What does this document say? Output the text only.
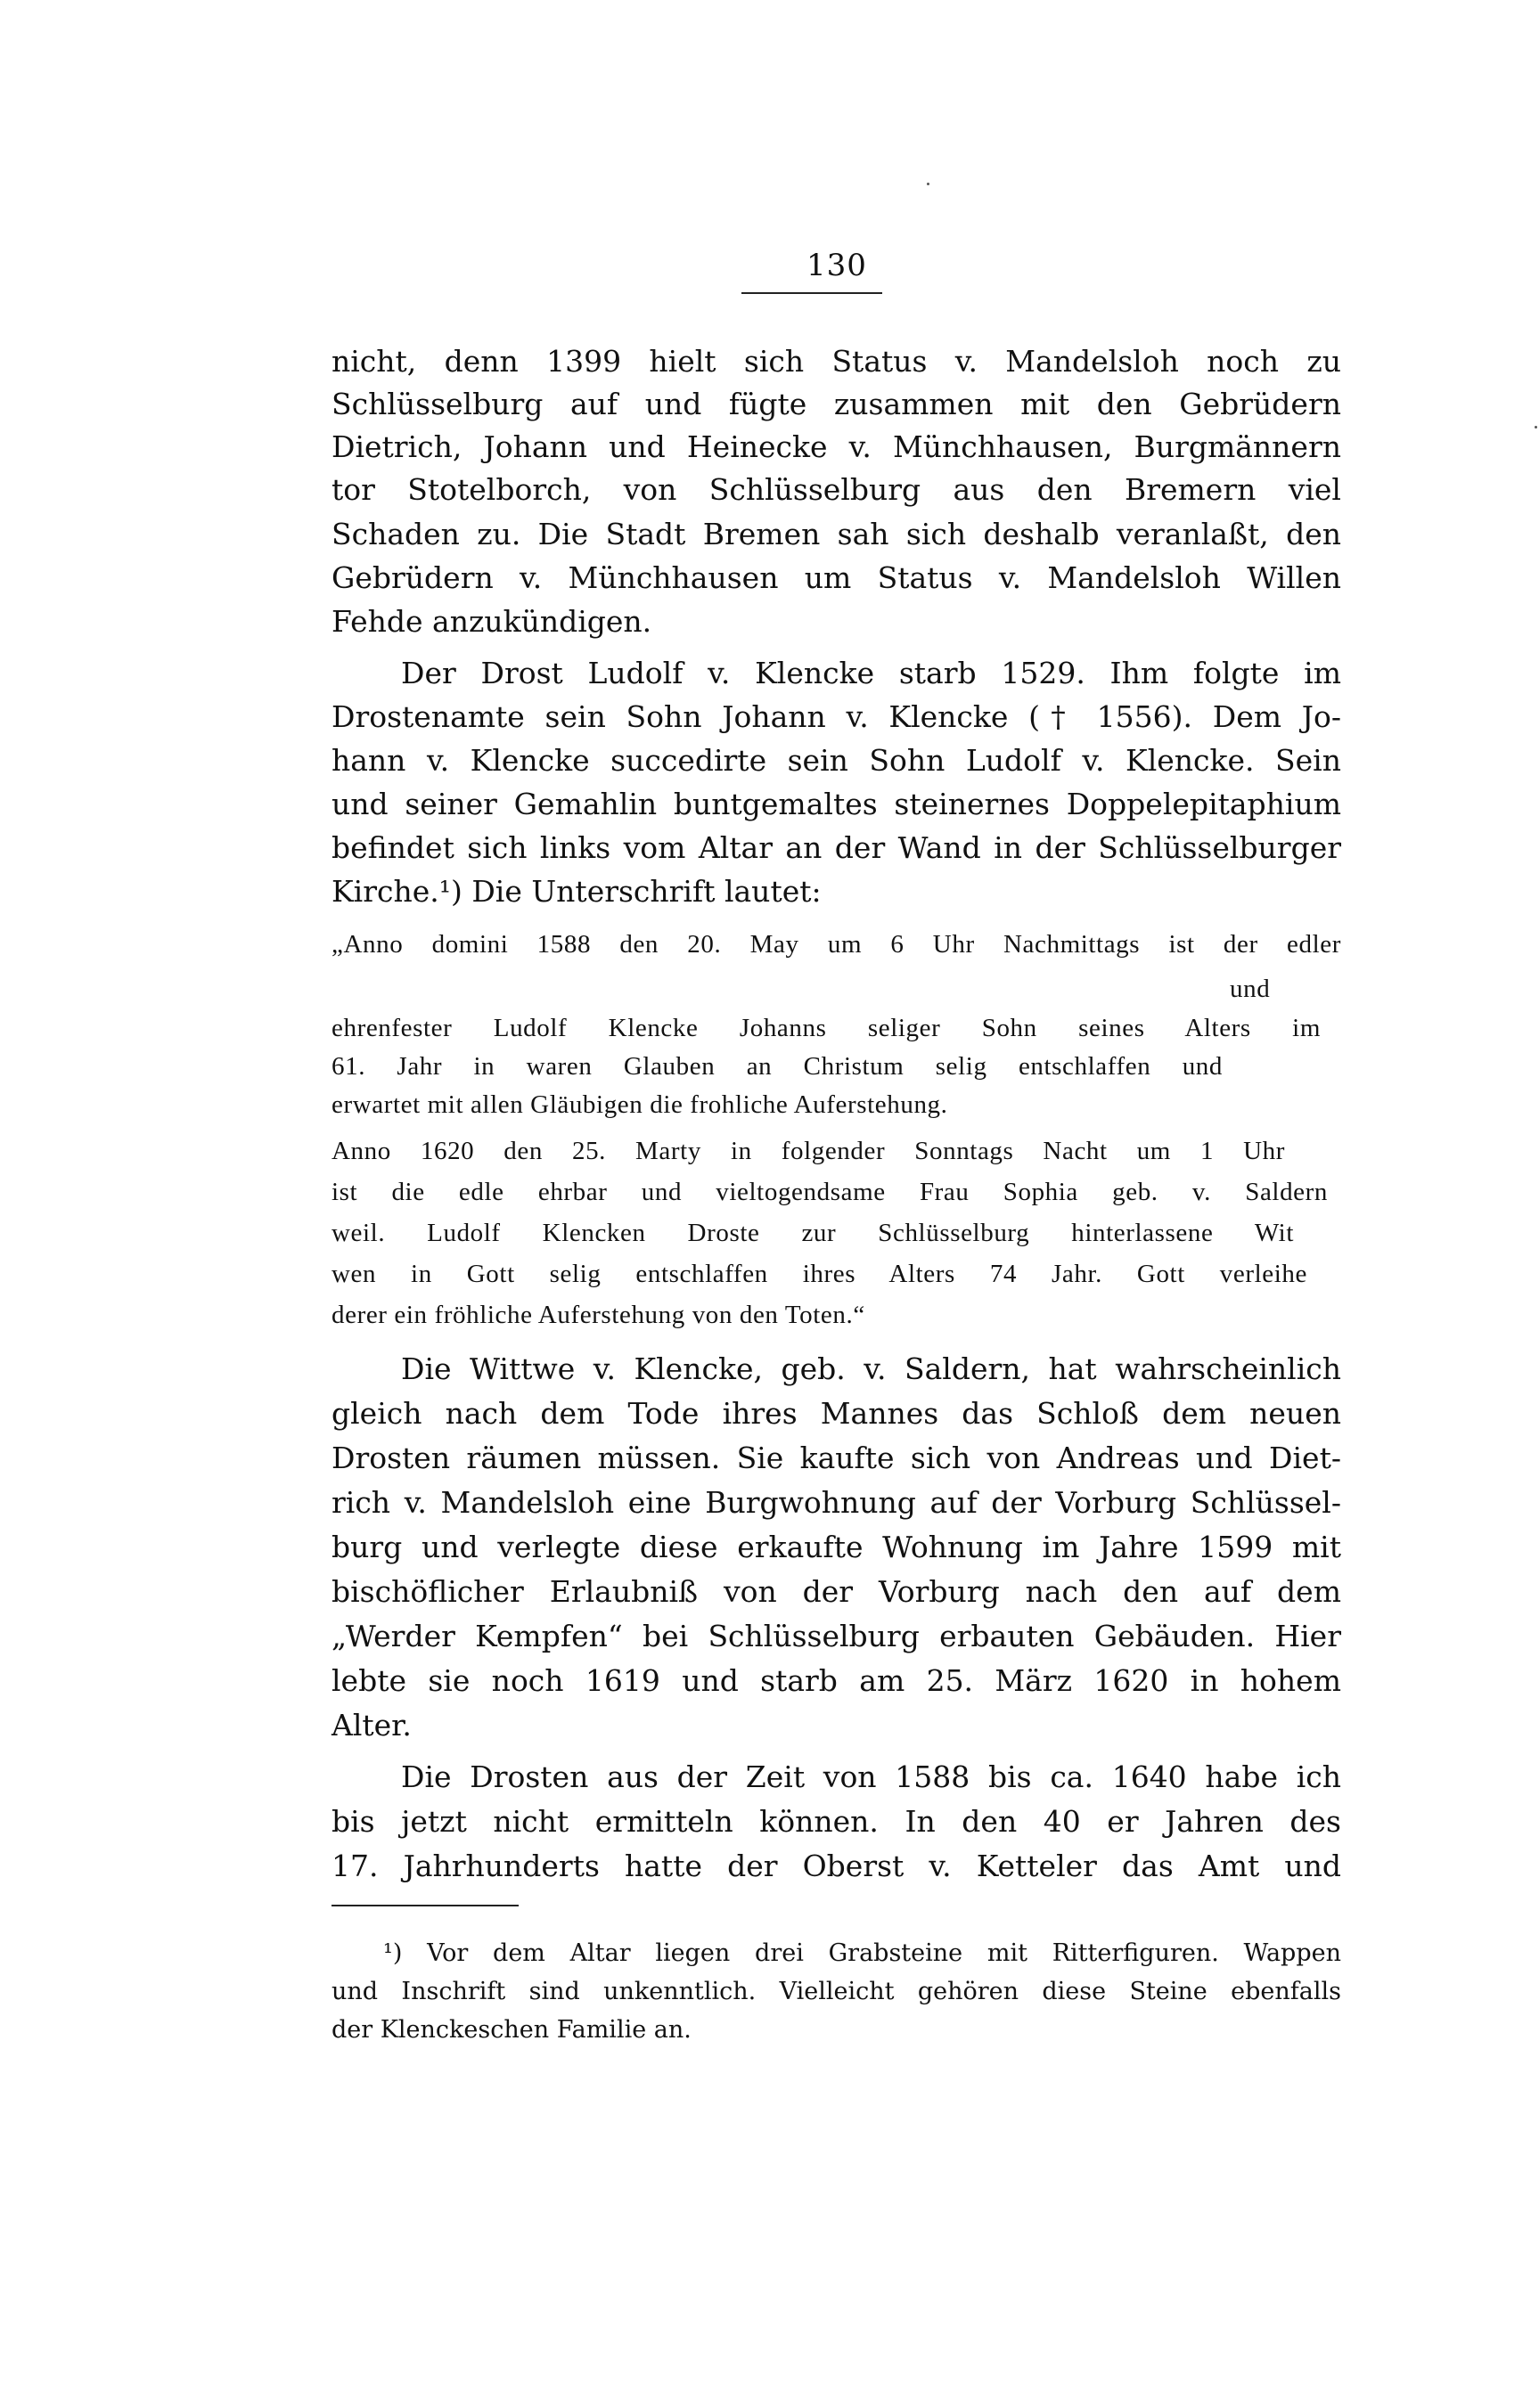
130
nicht, denn 1399 hielt sich Status v. Mandelsloh noch zu
Schlüsselburg auf und fügte zusammen mit den Gebrüdern
Dietrich, Johann und Heinecke v. Münchhausen, Burgmännern
tor Stotelborch, von Schlüsselburg aus den Bremern viel
Schaden zu. Die Stadt Bremen sah sich deshalb veranlaßt, den
Gebrüdern v. Münchhausen um Status v. Mandelsloh Willen
Fehde anzukündigen.
Der Drost Ludolf v. Klencke starb 1529. Ihm folgte im
Drostenamte sein Sohn Johann v. Klencke († 1556). Dem Jo-
hann v. Klencke succedirte sein Sohn Ludolf v. Klencke. Sein
und seiner Gemahlin buntgemaltes steinernes Doppelepitaphium
befindet sich links vom Altar an der Wand in der Schlüsselburger
Kirche.¹) Die Unterschrift lautet:
„Anno domini 1588 den 20. May um 6 Uhr Nachmittags ist der edler
und
ehrenfester Ludolf Klencke Johanns seliger Sohn seines Alters im
61. Jahr in waren Glauben an Christum selig entschlaffen und
erwartet mit allen Gläubigen die frohliche Auferstehung.
Anno 1620 den 25. Marty in folgender Sonntags Nacht um 1 Uhr
ist die edle ehrbar und vieltogendsame Frau Sophia geb. v. Saldern
weil. Ludolf Klencken Droste zur Schlüsselburg hinterlassene Wit
wen in Gott selig entschlaffen ihres Alters 74 Jahr. Gott verleihe
derer ein fröhliche Auferstehung von den Toten.“
Die Wittwe v. Klencke, geb. v. Saldern, hat wahrscheinlich
gleich nach dem Tode ihres Mannes das Schloß dem neuen
Drosten räumen müssen. Sie kaufte sich von Andreas und Diet-
rich v. Mandelsloh eine Burgwohnung auf der Vorburg Schlüssel-
burg und verlegte diese erkaufte Wohnung im Jahre 1599 mit
bischöflicher Erlaubniß von der Vorburg nach den auf dem
„Werder Kempfen“ bei Schlüsselburg erbauten Gebäuden. Hier
lebte sie noch 1619 und starb am 25. März 1620 in hohem
Alter.
Die Drosten aus der Zeit von 1588 bis ca. 1640 habe ich
bis jetzt nicht ermitteln können. In den 40 er Jahren des
17. Jahrhunderts hatte der Oberst v. Ketteler das Amt und
¹) Vor dem Altar liegen drei Grabsteine mit Ritterfiguren. Wappen
und Inschrift sind unkenntlich. Vielleicht gehören diese Steine ebenfalls
der Klenckeschen Familie an.
